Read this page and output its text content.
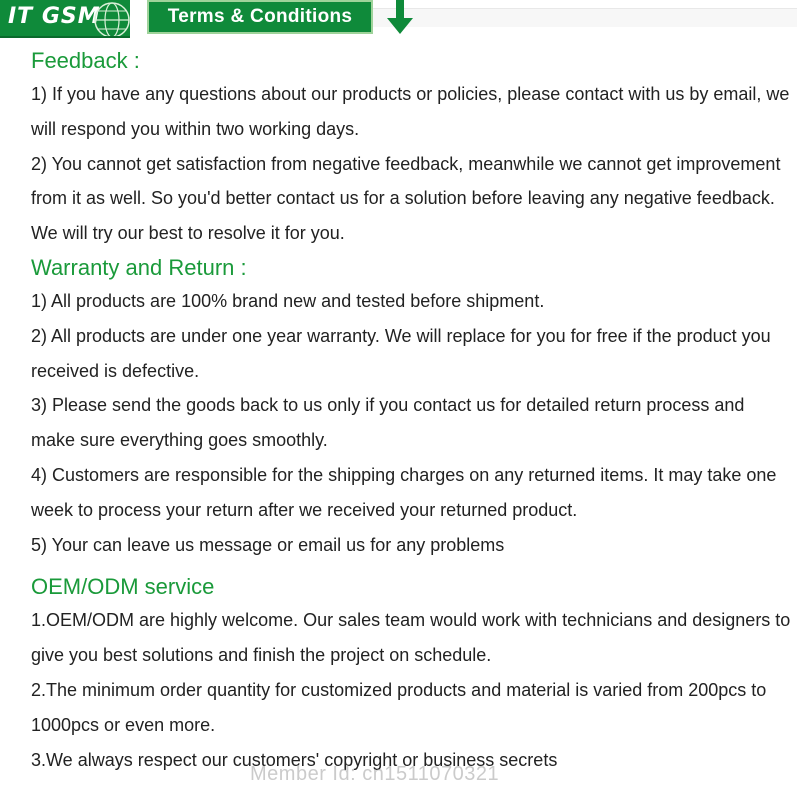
IT GSM	Terms & Conditions
Feedback :

1) If you have any questions about our products or policies, please contact with us by email, we will respond you within two working days.

2) You cannot get satisfaction from negative feedback, meanwhile we cannot get improvement from it as well. So you'd better contact us for a solution before leaving any negative feedback. We will try our best to resolve it for you.

Warranty and Return :

1) All products are 100% brand new and tested before shipment.

2) All products are under one year warranty. We will replace for you for free if the product you received is defective.

3) Please send the goods back to us only if you contact us for detailed return process and make sure everything goes smoothly.

4) Customers are responsible for the shipping charges on any returned items. It may take one week to process your return after we received your returned product.

5) Your can leave us message or email us for any problems

OEM/ODM service

1.OEM/ODM are highly welcome. Our sales team would work with technicians and designers to give you best solutions and finish the project on schedule.

2.The minimum order quantity for customized products and material is varied from 200pcs to 1000pcs or even more.

3.We always respect our customers' copyright or business secrets

Member Id: cn1511070321
